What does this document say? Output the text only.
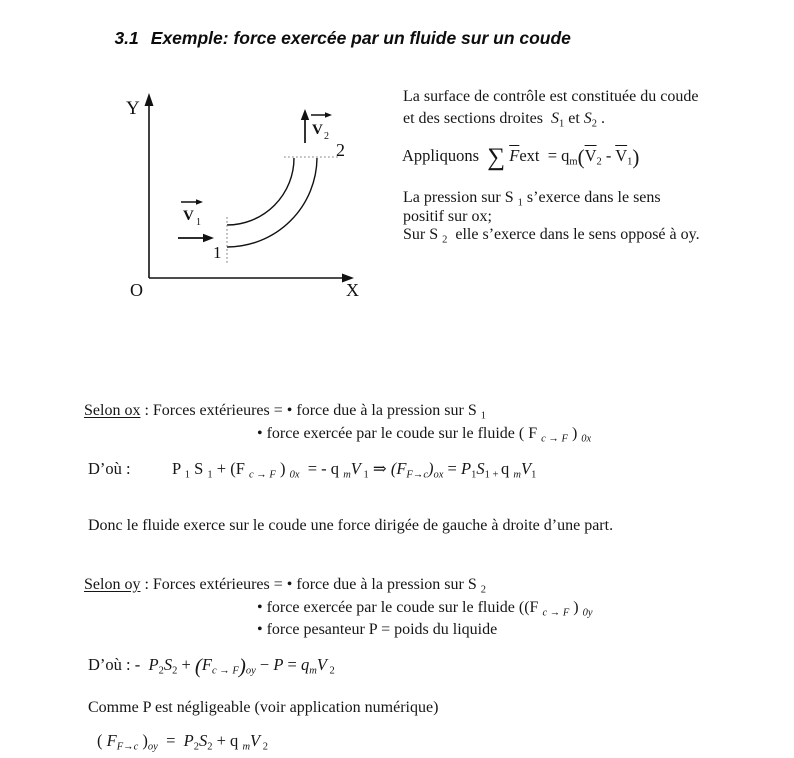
3.1 Exemple: force exercée par un fluide sur un coude

V 1
V 2
Y
O	X
1
2
La surface de contrôle est constituée du coude
et des sections droites  $S_1$ et $S_2$ .
Appliquons  ∑ $\overline{F}ext = q_m(\overline{V}_2 - \overline{V}_1)$
La pression sur S $_1$ s’exerce dans le sens
positif sur ox;
Sur S $_2$  elle s’exerce dans le sens opposé à oy.
Selon ox : Forces extérieures = • force due à la pression sur S $_1$
• force exercée par le coude sur le fluide ( F $_{c \to F}$ ) $_{0x}$
D’où :	P $_1$ S $_1$ + (F $_{c \to F}$ ) $_{0x}$  = - q $_m$V $_1$ ⇒ $(F_{F\to c})_{ox} = P_1S_{1 +}$ q $_mV_1$
Donc le fluide exerce sur le coude une force dirigée de gauche à droite d’une part.
Selon oy : Forces extérieures = • force due à la pression sur S $_2$
• force exercée par le coude sur le fluide ((F $_{c \to F}$ ) $_{0y}$
• force pesanteur P = poids du liquide
D’où : -  $P_2S_2 + (F_{c \to F})_{oy} - P = q_mV$ $_2$
Comme P est négligeable (voir application numérique)
( $F_{F\to c}$ )$_{oy} = P_2S_2 + q$ $_m$V $_2$
